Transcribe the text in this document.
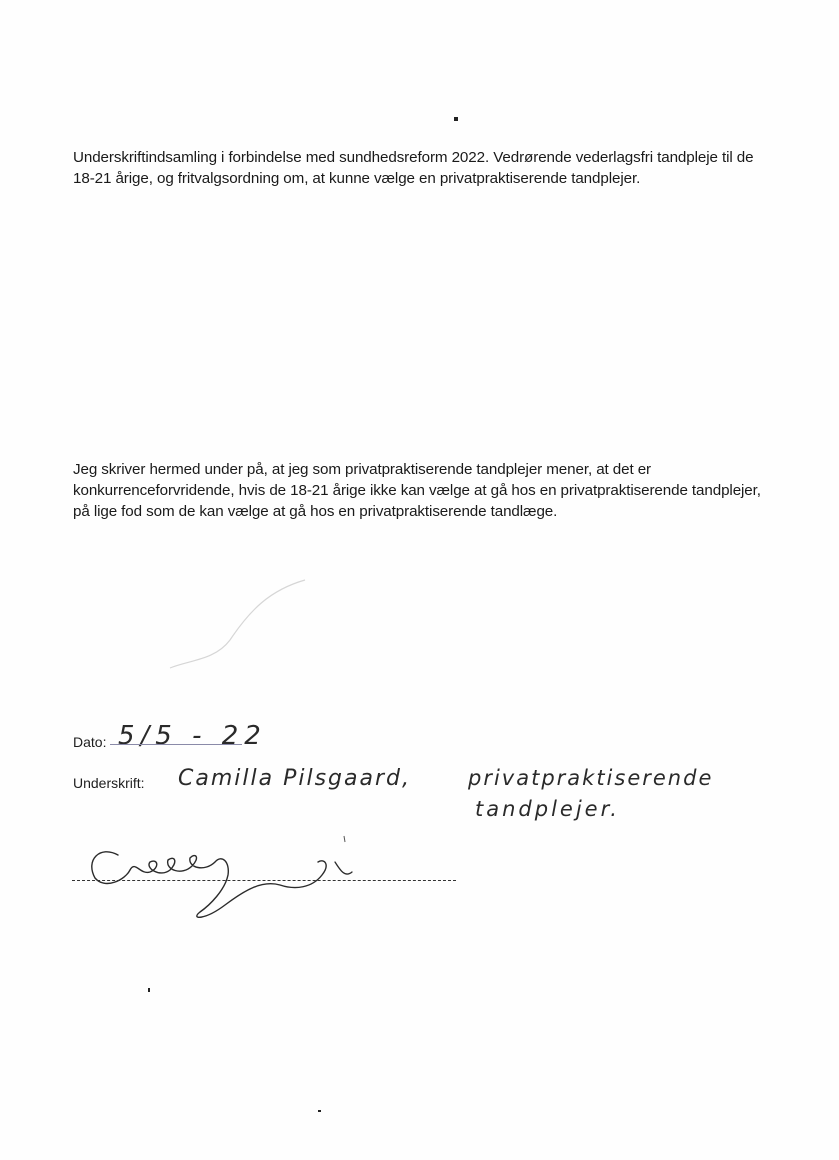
Underskriftindsamling i forbindelse med sundhedsreform 2022. Vedrørende vederlagsfri tandpleje til de 18-21 årige, og fritvalgsordning om, at kunne vælge en privatpraktiserende tandplejer.

Jeg skriver hermed under på, at jeg som privatpraktiserende tandplejer mener, at det er konkurrenceforvridende, hvis de 18-21 årige ikke kan vælge at gå hos en privatpraktiserende tandplejer, på lige fod som de kan vælge at gå hos en privatpraktiserende tandlæge.

Dato: 5/5 - 22
Underskrift: Camilla Pilsgaard,	privatpraktiserende
tandplejer.
